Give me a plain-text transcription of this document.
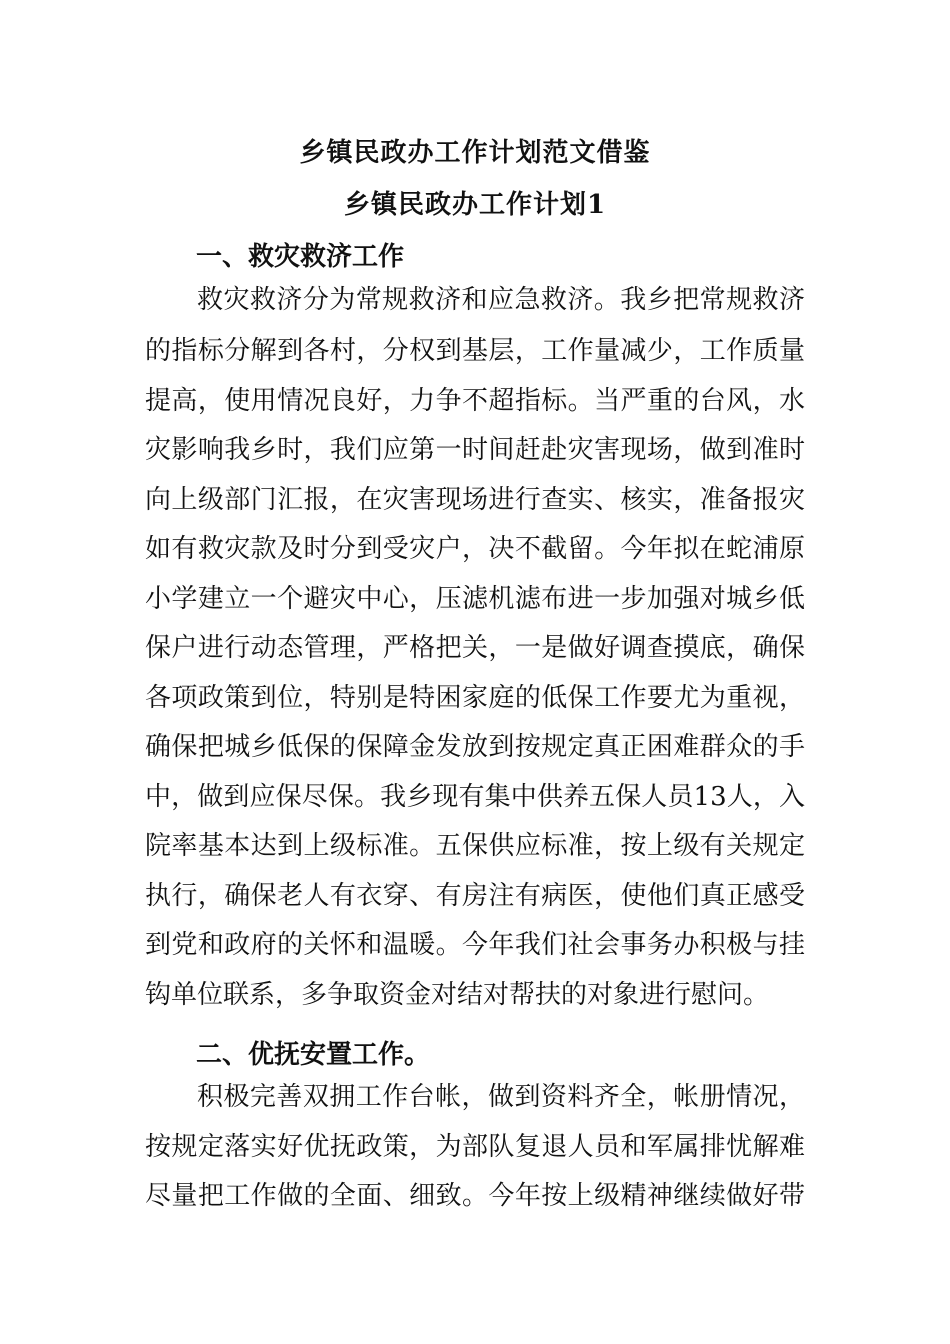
乡镇民政办工作计划范文借鉴
乡镇民政办工作计划1
一、救灾救济工作
救灾救济分为常规救济和应急救济。我乡把常规救济
的指标分解到各村，分权到基层，工作量减少，工作质量
提高，使用情况良好，力争不超指标。当严重的台风，水
灾影响我乡时，我们应第一时间赶赴灾害现场，做到准时
向上级部门汇报，在灾害现场进行查实、核实，准备报灾
如有救灾款及时分到受灾户，决不截留。今年拟在蛇浦原
小学建立一个避灾中心，压滤机滤布进一步加强对城乡低
保户进行动态管理，严格把关，一是做好调查摸底，确保
各项政策到位，特别是特困家庭的低保工作要尤为重视，
确保把城乡低保的保障金发放到按规定真正困难群众的手
中，做到应保尽保。我乡现有集中供养五保人员13人，入
院率基本达到上级标准。五保供应标准，按上级有关规定
执行，确保老人有衣穿、有房注有病医，使他们真正感受
到党和政府的关怀和温暖。今年我们社会事务办积极与挂
钩单位联系，多争取资金对结对帮扶的对象进行慰问。
二、优抚安置工作。
积极完善双拥工作台帐，做到资料齐全，帐册情况，
按规定落实好优抚政策，为部队复退人员和军属排忧解难
尽量把工作做的全面、细致。今年按上级精神继续做好带
